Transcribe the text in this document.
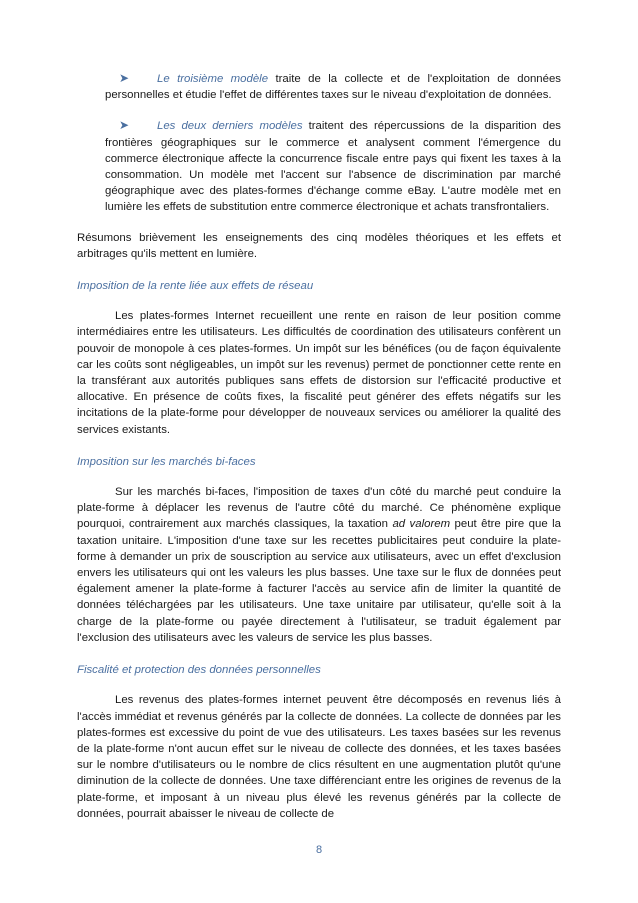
➤ Le troisième modèle traite de la collecte et de l'exploitation de données personnelles et étudie l'effet de différentes taxes sur le niveau d'exploitation de données.
➤ Les deux derniers modèles traitent des répercussions de la disparition des frontières géographiques sur le commerce et analysent comment l'émergence du commerce électronique affecte la concurrence fiscale entre pays qui fixent les taxes à la consommation. Un modèle met l'accent sur l'absence de discrimination par marché géographique avec des plates-formes d'échange comme eBay. L'autre modèle met en lumière les effets de substitution entre commerce électronique et achats transfrontaliers.

Résumons brièvement les enseignements des cinq modèles théoriques et les effets et arbitrages qu'ils mettent en lumière.

Imposition de la rente liée aux effets de réseau

Les plates-formes Internet recueillent une rente en raison de leur position comme intermédiaires entre les utilisateurs. Les difficultés de coordination des utilisateurs confèrent un pouvoir de monopole à ces plates-formes. Un impôt sur les bénéfices (ou de façon équivalente car les coûts sont négligeables, un impôt sur les revenus) permet de ponctionner cette rente en la transférant aux autorités publiques sans effets de distorsion sur l'efficacité productive et allocative. En présence de coûts fixes, la fiscalité peut générer des effets négatifs sur les incitations de la plate-forme pour développer de nouveaux services ou améliorer la qualité des services existants.

Imposition sur les marchés bi-faces

Sur les marchés bi-faces, l'imposition de taxes d'un côté du marché peut conduire la plate-forme à déplacer les revenus de l'autre côté du marché. Ce phénomène explique pourquoi, contrairement aux marchés classiques, la taxation ad valorem peut être pire que la taxation unitaire. L'imposition d'une taxe sur les recettes publicitaires peut conduire la plate-forme à demander un prix de souscription au service aux utilisateurs, avec un effet d'exclusion envers les utilisateurs qui ont les valeurs les plus basses. Une taxe sur le flux de données peut également amener la plate-forme à facturer l'accès au service afin de limiter la quantité de données téléchargées par les utilisateurs. Une taxe unitaire par utilisateur, qu'elle soit à la charge de la plate-forme ou payée directement à l'utilisateur, se traduit également par l'exclusion des utilisateurs avec les valeurs de service les plus basses.

Fiscalité et protection des données personnelles

Les revenus des plates-formes internet peuvent être décomposés en revenus liés à l'accès immédiat et revenus générés par la collecte de données. La collecte de données par les plates-formes est excessive du point de vue des utilisateurs. Les taxes basées sur les revenus de la plate-forme n'ont aucun effet sur le niveau de collecte des données, et les taxes basées sur le nombre d'utilisateurs ou le nombre de clics résultent en une augmentation plutôt qu'une diminution de la collecte de données. Une taxe différenciant entre les origines de revenus de la plate-forme, et imposant à un niveau plus élevé les revenus générés par la collecte de données, pourrait abaisser le niveau de collecte de

8
